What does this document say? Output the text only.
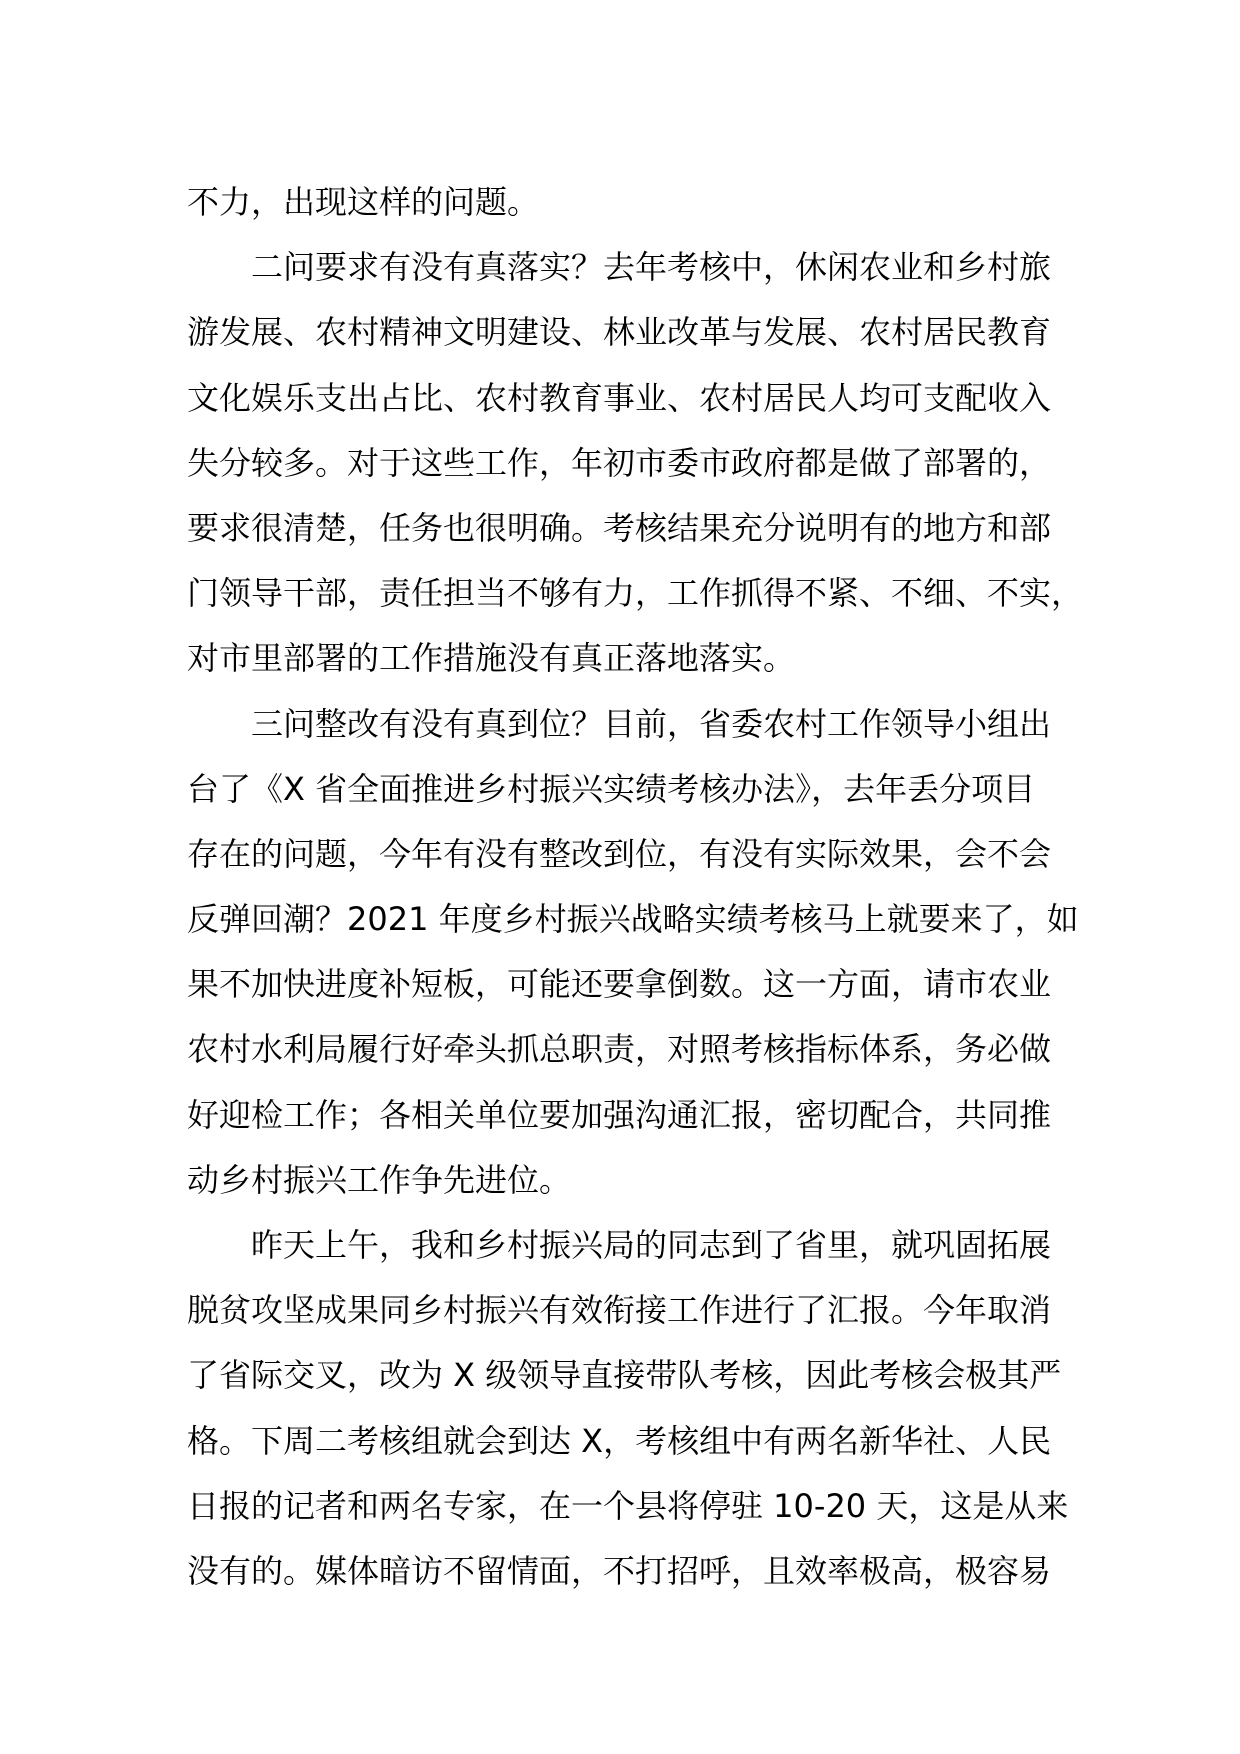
不力，出现这样的问题。
二问要求有没有真落实？去年考核中，休闲农业和乡村旅
游发展、农村精神文明建设、林业改革与发展、农村居民教育
文化娱乐支出占比、农村教育事业、农村居民人均可支配收入
失分较多。对于这些工作，年初市委市政府都是做了部署的，
要求很清楚，任务也很明确。考核结果充分说明有的地方和部
门领导干部，责任担当不够有力，工作抓得不紧、不细、不实，
对市里部署的工作措施没有真正落地落实。
三问整改有没有真到位？目前，省委农村工作领导小组出
台了《X 省全面推进乡村振兴实绩考核办法》，去年丢分项目
存在的问题，今年有没有整改到位，有没有实际效果，会不会
反弹回潮？2021 年度乡村振兴战略实绩考核马上就要来了，如
果不加快进度补短板，可能还要拿倒数。这一方面，请市农业
农村水利局履行好牵头抓总职责，对照考核指标体系，务必做
好迎检工作；各相关单位要加强沟通汇报，密切配合，共同推
动乡村振兴工作争先进位。
昨天上午，我和乡村振兴局的同志到了省里，就巩固拓展
脱贫攻坚成果同乡村振兴有效衔接工作进行了汇报。今年取消
了省际交叉，改为 X 级领导直接带队考核，因此考核会极其严
格。下周二考核组就会到达 X，考核组中有两名新华社、人民
日报的记者和两名专家，在一个县将停驻 10-20 天，这是从来
没有的。媒体暗访不留情面，不打招呼，且效率极高，极容易
